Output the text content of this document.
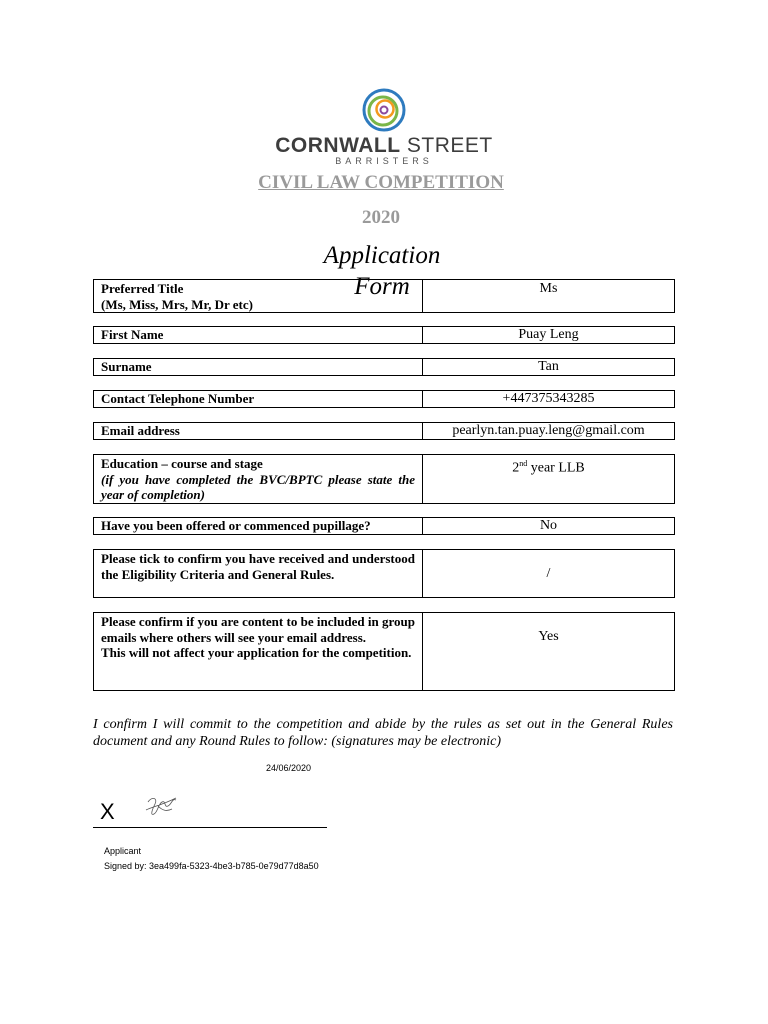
CORNWALL STREET
BARRISTERS
CIVIL LAW COMPETITION
2020
Application
Form
Preferred Title
(Ms, Miss, Mrs, Mr, Dr etc)
	Ms
First Name	Puay Leng
Surname	Tan
Contact Telephone Number	+447375343285
Email address	pearlyn.tan.puay.leng@gmail.com
Education – course and stage
(if you have completed the BVC/BPTC please state the year of completion)
	2nd year LLB
Have you been offered or commenced pupillage?	No
Please tick to confirm you have received and understood the Eligibility Criteria and General Rules.	/
Please confirm if you are content to be included in group emails where others will see your email address.
This will not affect your application for the competition.
	Yes
I confirm I will commit to the competition and abide by the rules as set out in the General Rules document and any Round Rules to follow: (signatures may be electronic)
24/06/2020
X
Applicant
Signed by: 3ea499fa-5323-4be3-b785-0e79d77d8a50
